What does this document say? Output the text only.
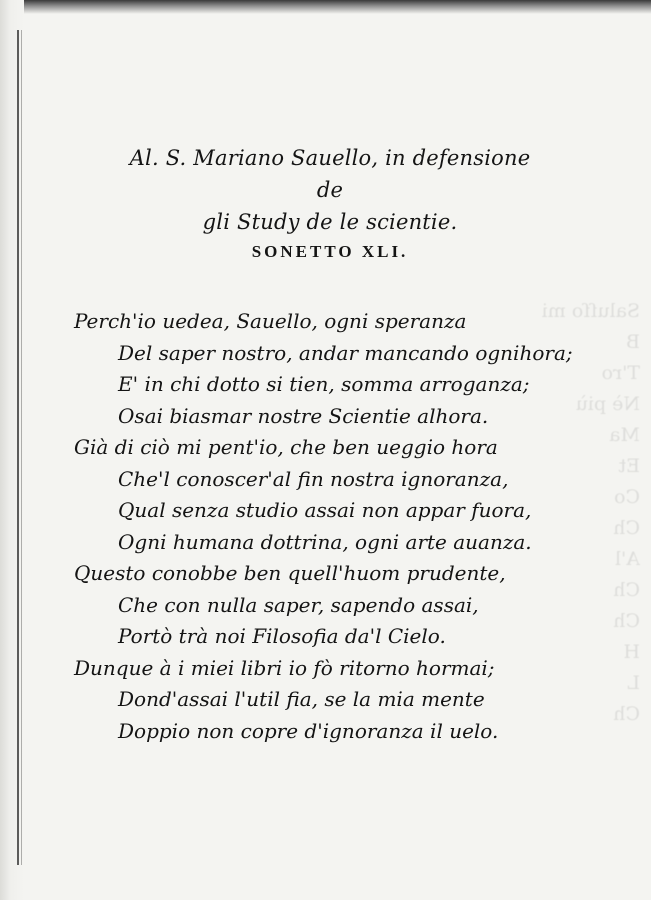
Saluſſo mi
B
T'ro
Nè più
Ma
Et
Co
Ch
A'l
Ch
Ch
H
L
Ch
Al. S. Mariano Sauello, in defensione de
gli Study de le scientie.
SONETTO XLI.
Perch'io uedea, Sauello, ogni speranza
Del saper nostro, andar mancando ognihora;
E' in chi dotto si tien, somma arroganza;
Osai biasmar nostre Scientie alhora.
Già di ciò mi pent'io, che ben ueggio hora
Che'l conoscer'al fin nostra ignoranza,
Qual senza studio assai non appar fuora,
Ogni humana dottrina, ogni arte auanza.
Questo conobbe ben quell'huom prudente,
Che con nulla saper, sapendo assai,
Portò trà noi Filosofia da'l Cielo.
Dunque à i miei libri io fò ritorno hormai;
Dond'assai l'util fia, se la mia mente
Doppio non copre d'ignoranza il uelo.
